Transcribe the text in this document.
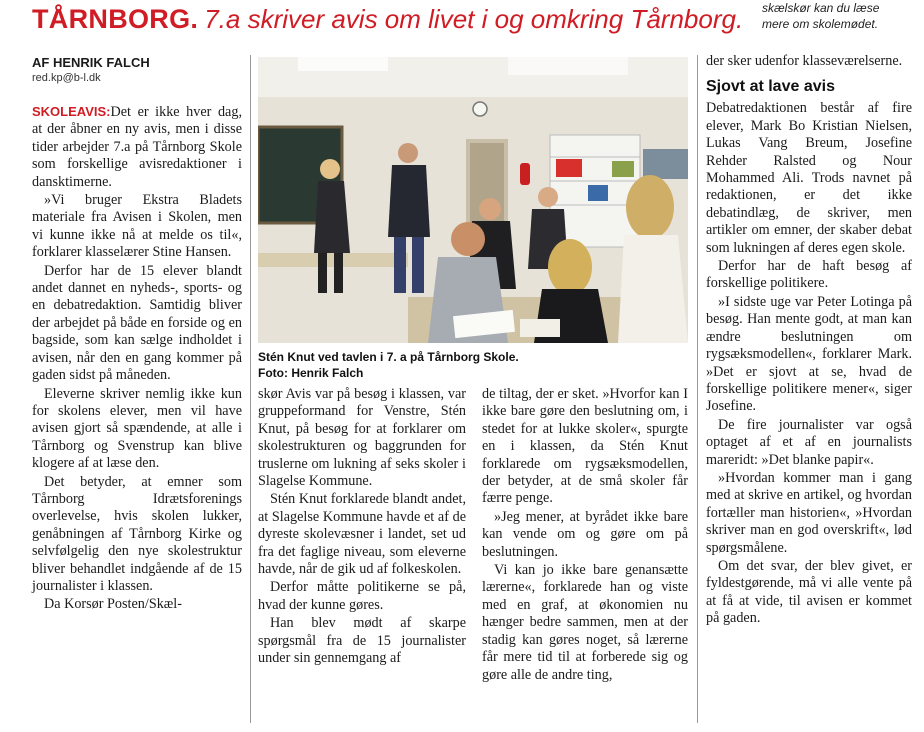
TÅRNBORG. 7.a skriver avis om livet i og omkring Tårnborg. skælskør kan du læse
mere om skolemødet.
AF HENRIK FALCH
red.kp@b-l.dk

SKOLEAVIS:Det er ikke hver dag, at der åbner en ny avis, men i disse tider arbejder 7.a på Tårnborg Skole som forskellige avisredaktioner i dansktimerne.

»Vi bruger Ekstra Bladets materiale fra Avisen i Skolen, men vi kunne ikke nå at melde os til«, forklarer klasselærer Stine Hansen.

Derfor har de 15 elever blandt andet dannet en nyheds-, sports- og en debatredaktion. Samtidig bliver der arbejdet på både en forside og en bagside, som kan sælge indholdet i avisen, når den en gang kommer på gaden sidst på måneden.

Eleverne skriver nemlig ikke kun for skolens elever, men vil have avisen gjort så spændende, at alle i Tårnborg og Svenstrup kan blive klogere af at læse den.

Det betyder, at emner som Tårnborg Idrætsforenings overlevelse, hvis skolen lukker, genåbningen af Tårnborg Kirke og selvfølgelig den nye skolestruktur bliver behandlet indgående af de 15 journalister i klassen.

Da Korsør Posten/Skæl-

Stén Knut ved tavlen i 7. a på Tårnborg Skole.
Foto: Henrik Falch

skør Avis var på besøg i klassen, var gruppeformand for Venstre, Stén Knut, på besøg for at forklarer om skolestrukturen og baggrunden for truslerne om lukning af seks skoler i Slagelse Kommune.

Stén Knut forklarede blandt andet, at Slagelse Kommune havde et af de dyreste skolevæsner i landet, set ud fra det faglige niveau, som eleverne havde, når de gik ud af folkeskolen.

Derfor måtte politikerne se på, hvad der kunne gøres.

Han blev mødt af skarpe spørgsmål fra de 15 journalister under sin gennemgang af

de tiltag, der er sket. »Hvorfor kan I ikke bare gøre den beslutning om, i stedet for at lukke skoler«, spurgte en i klassen, da Stén Knut forklarede om rygsæksmodellen, der betyder, at de små skoler får færre penge.

»Jeg mener, at byrådet ikke bare kan vende om og gøre om på beslutningen.

Vi kan jo ikke bare genansætte lærerne«, forklarede han og viste med en graf, at økonomien nu hænger bedre sammen, men at der stadig kan gøres noget, så lærerne får mere tid til at forberede sig og gøre alle de andre ting,

der sker udenfor klasseværelserne.

Sjovt at lave avis

Debatredaktionen består af fire elever, Mark Bo Kristian Nielsen, Lukas Vang Breum, Josefine Rehder Ralsted og Nour Mohammed Ali. Trods navnet på redaktionen, er det ikke debatindlæg, de skriver, men artikler om emner, der skaber debat som lukningen af deres egen skole.

Derfor har de haft besøg af forskellige politikere.

»I sidste uge var Peter Lotinga på besøg. Han mente godt, at man kan ændre beslutningen om rygsæksmodellen«, forklarer Mark. »Det er sjovt at se, hvad de forskellige politikere mener«, siger Josefine.

De fire journalister var også optaget af et af en journalists mareridt: »Det blanke papir«.

»Hvordan kommer man i gang med at skrive en artikel, og hvordan fortæller man historien«, »Hvordan skriver man en god overskrift«, lød spørgsmålene.

Om det svar, der blev givet, er fyldestgørende, må vi alle vente på at få at vide, til avisen er kommet på gaden.
